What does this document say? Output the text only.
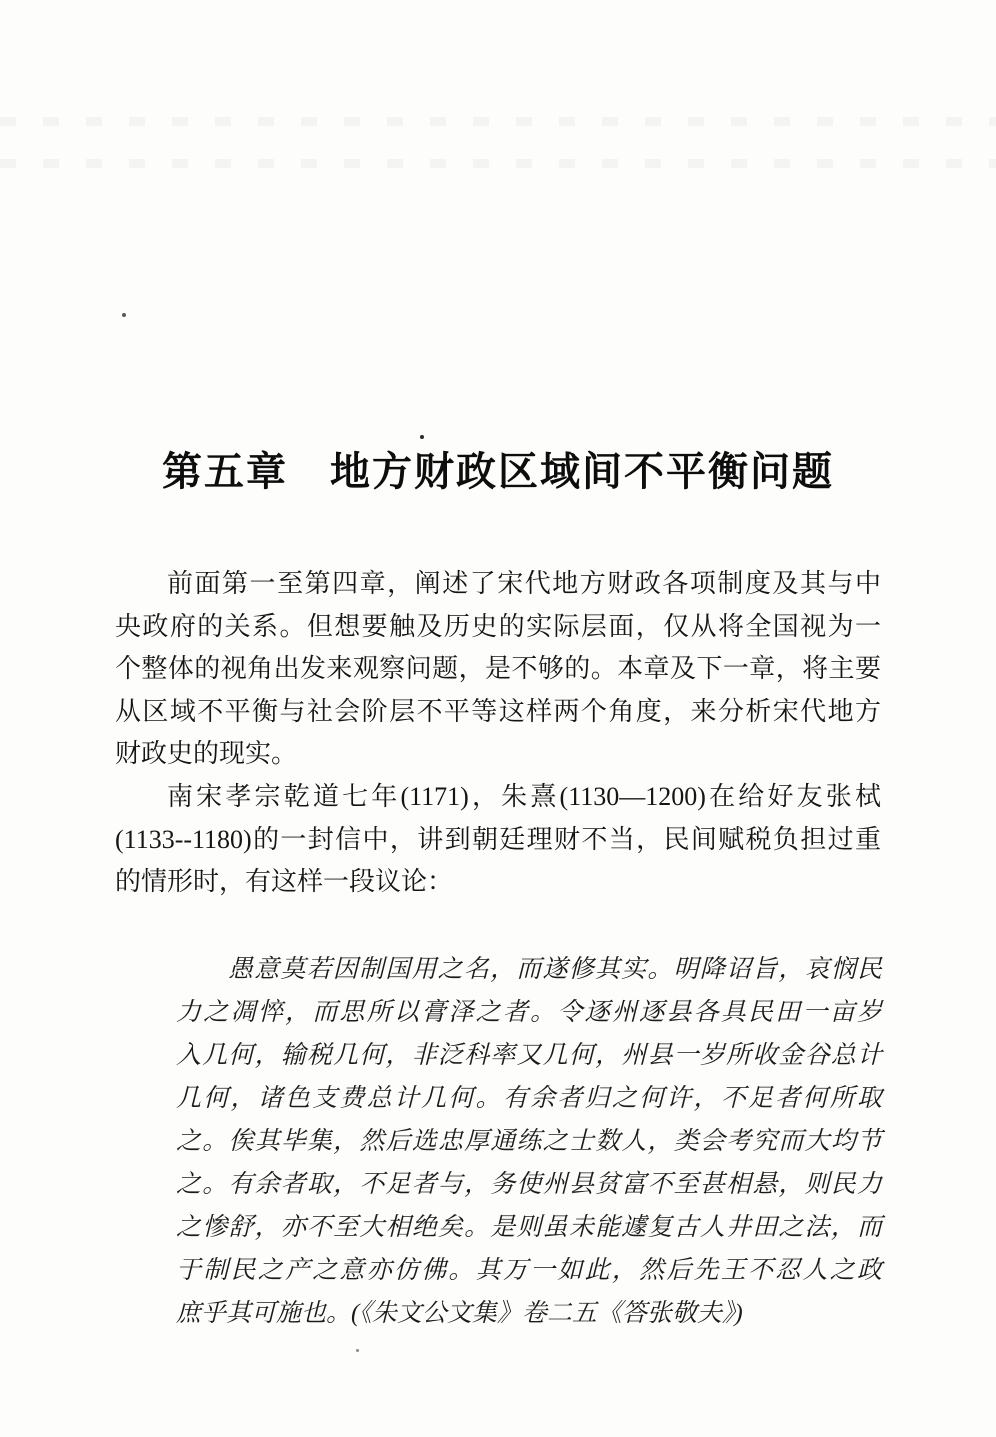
第五章　地方财政区域间不平衡问题

前面第一至第四章，阐述了宋代地方财政各项制度及其与中
央政府的关系。但想要触及历史的实际层面，仅从将全国视为一
个整体的视角出发来观察问题，是不够的。本章及下一章，将主要
从区域不平衡与社会阶层不平等这样两个角度，来分析宋代地方
财政史的现实。

南宋孝宗乾道七年(1171)，朱熹(1130—1200)在给好友张栻
(1133--1180)的一封信中，讲到朝廷理财不当，民间赋税负担过重
的情形时，有这样一段议论：

愚意莫若因制国用之名，而遂修其实。明降诏旨，哀悯民
力之凋悴，而思所以膏泽之者。令逐州逐县各具民田一亩岁
入几何，输税几何，非泛科率又几何，州县一岁所收金谷总计
几何，诸色支费总计几何。有余者归之何许，不足者何所取
之。俟其毕集，然后选忠厚通练之士数人，类会考究而大均节
之。有余者取，不足者与，务使州县贫富不至甚相悬，则民力
之惨舒，亦不至大相绝矣。是则虽未能遽复古人井田之法，而
于制民之产之意亦仿佛。其万一如此，然后先王不忍人之政
庶乎其可施也。(《朱文公文集》卷二五《答张敬夫》)
